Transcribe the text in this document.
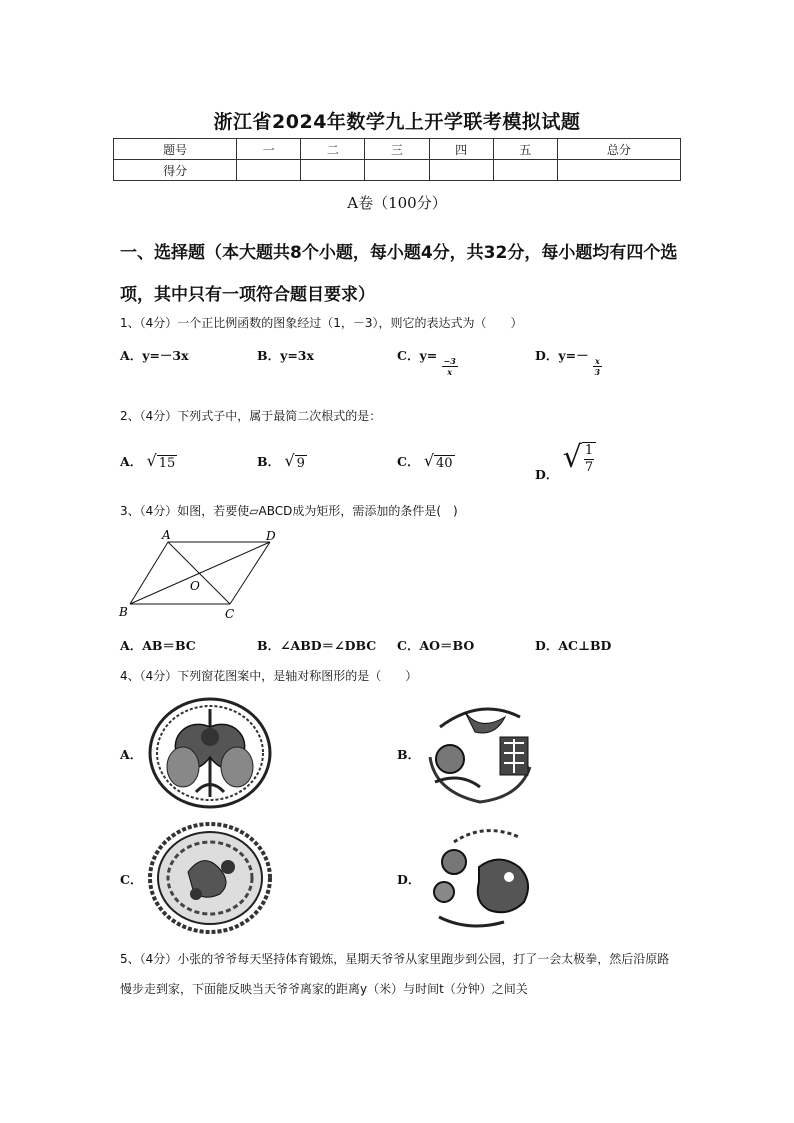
浙江省2024年数学九上开学联考模拟试题
题号	一	二	三	四	五	总分
得分						
A卷（100分）
一、选择题（本大题共8个小题，每小题4分，共32分，每小题均有四个选项，其中只有一项符合题目要求）
1、（4分）一个正比例函数的图象经过（1，－3），则它的表达式为（　　）
A．y=－3x	B．y=3x	C．y=
$\frac{-3}{x}$
D．y=－
$\frac{x}{3}$
2、（4分）下列式子中，属于最简二次根式的是：
A． √ 15	B． √ 9	C． √ 40
D． √ $\frac{1}{7}$
3、（4分）如图，若要使▱ABCD成为矩形，需添加的条件是(　)
A	D
O
B	C
A．AB＝BC	B．∠ABD＝∠DBC C．AO＝BO	D．AC⊥BD
4、（4分）下列窗花图案中，是轴对称图形的是（　　）
A．	B．
C．	D．
5、（4分）小张的爷爷每天坚持体育锻炼，星期天爷爷从家里跑步到公园，打了一会太极拳，然后沿原路慢步走到家，下面能反映当天爷爷离家的距离y（米）与时间t（分钟）之间关
